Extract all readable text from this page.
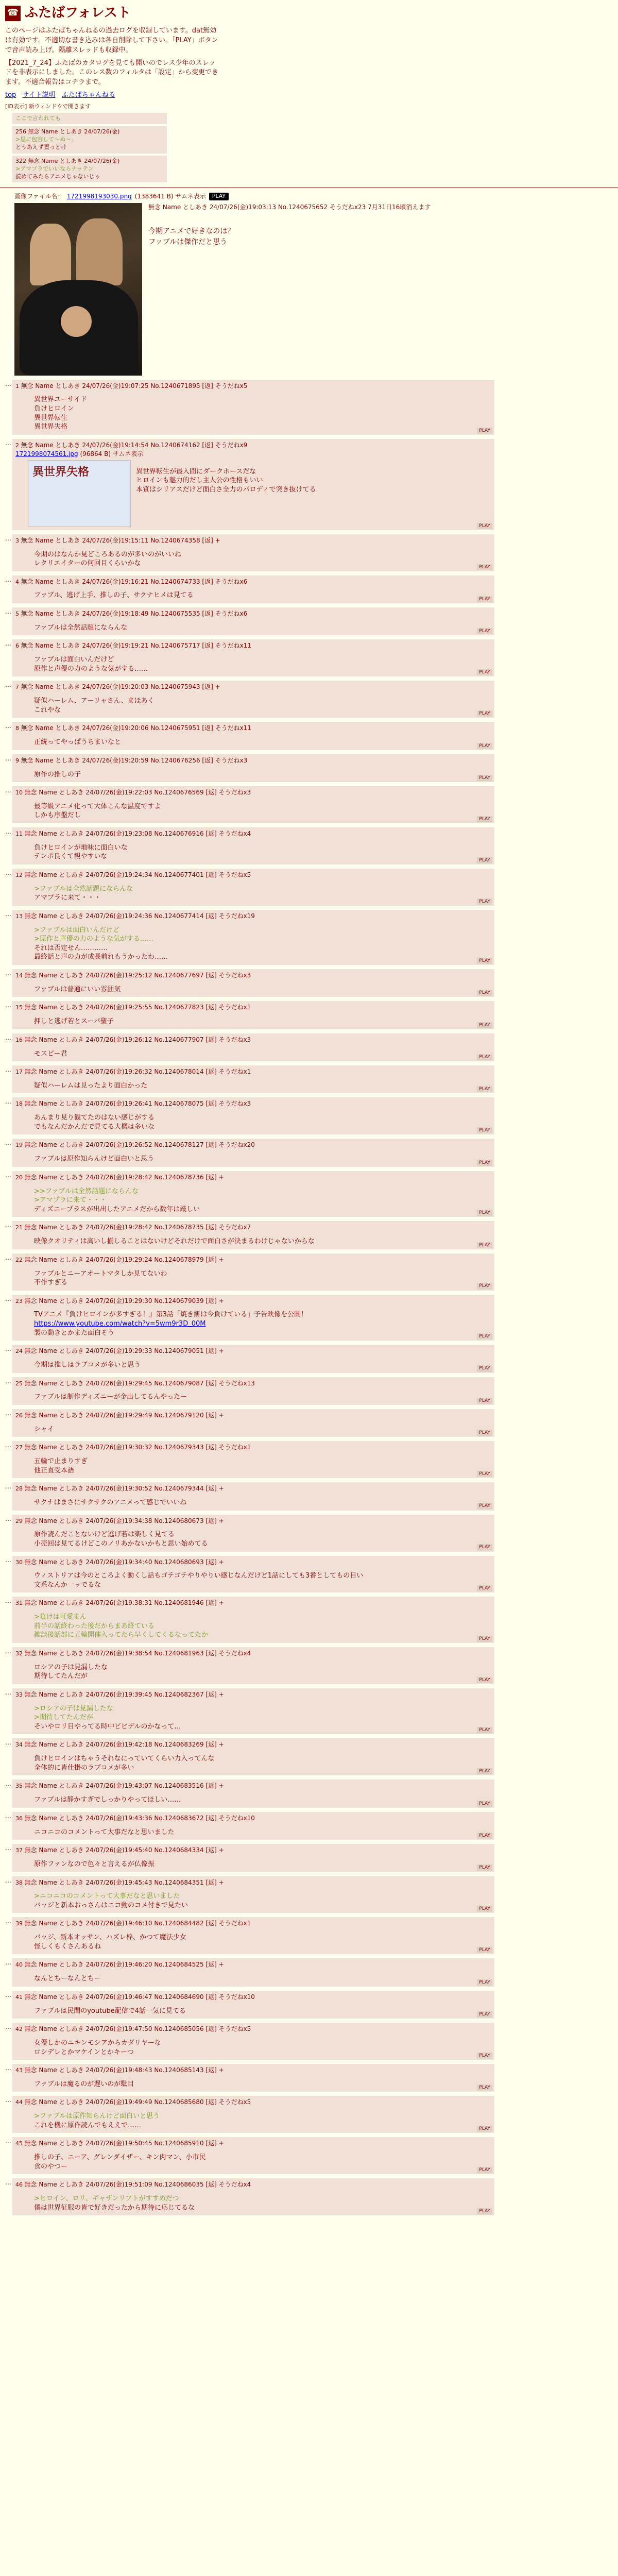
☎ ふたばフォレスト

このページはふたばちゃんねるの過去ログを収録しています。dat無効は有効です。不適切な書き込みは各自削除して下さい。「PLAY」ボタンで音声読み上げ。隔離スレッドも収録中。

【2021_7_24】ふたばのカタログを見ても開いのでレス少年のスレッドを非表示にしました。このレス数のフィルタは「設定」から変更できます。不適合報告はコチラまで。

top サイト説明 ふたばちゃんねる
[ID表示] 新ウィンドウで開きます
ここで言われても
256 無念 Name としあき 24/07/26(金)
>思に包容して〜ぬ〜」
とうあえず置っとけ
322 無念 Name としあき 24/07/26(金)
>アマプラでいいならナッテン
読めてみたらアニメじゃないじゃ
画像ファイル名： 1721998193030.png (1383641 B) サムネ表示	PLAY
無念 Name としあき 24/07/26(金)19:03:13 No.1240675652 そうだねx23 7月31日16頃消えます

今期アニメで好きなのは？

ファブルは傑作だと思う

… 1 無念 Name としあき 24/07/26(金)19:07:25 No.1240671895 [返] そうだねx5

異世界ユーサイド

負けヒロイン

異世界転生

異世界失格	PLAY
… 2 無念 Name としあき 24/07/26(金)19:14:54 No.1240674162 [返] そうだねx9
1721998074561.jpg (96864 B) サムネ表示
異世界失格	異世界転生が最入間にダークホースだな

ヒロインも魅力的だし主人公の性格もいい

本質はシリアスだけど面白さ全力のパロディで突き抜けてる

PLAY
… 3 無念 Name としあき 24/07/26(金)19:15:11 No.1240674358 [返] +

今期のはなんか見どころあるのが多いのがいいね

レクリエイターの何回目くらいかな	PLAY
… 4 無念 Name としあき 24/07/26(金)19:16:21 No.1240674733 [返] そうだねx6

ファブル、逃げ上手、推しの子、サクナヒメは見てる	PLAY
… 5 無念 Name としあき 24/07/26(金)19:18:49 No.1240675535 [返] そうだねx6

ファブルは全然話題にならんな	PLAY
… 6 無念 Name としあき 24/07/26(金)19:19:21 No.1240675717 [返] そうだねx11

ファブルは面白いんだけど

原作と声優の力のような気がする……	PLAY
… 7 無念 Name としあき 24/07/26(金)19:20:03 No.1240675943 [返] +

疑似ハーレム、アーリャさん、まほあく

これやな	PLAY
… 8 無念 Name としあき 24/07/26(金)19:20:06 No.1240675951 [返] そうだねx11

正統ってやっぱうちまいなと	PLAY
… 9 無念 Name としあき 24/07/26(金)19:20:59 No.1240676256 [返] そうだねx3

原作の推しの子	PLAY
… 10 無念 Name としあき 24/07/26(金)19:22:03 No.1240676569 [返] そうだねx3

最等級アニメ化って大体こんな温度ですよ

しかも序盤だし	PLAY
… 11 無念 Name としあき 24/07/26(金)19:23:08 No.1240676916 [返] そうだねx4

負けヒロインが地味に面白いな

テンポ良くて観やすいな	PLAY
… 12 無念 Name としあき 24/07/26(金)19:24:34 No.1240677401 [返] そうだねx5

>ファブルは全然話題にならんな

アマプラに来て・・・	PLAY
… 13 無念 Name としあき 24/07/26(金)19:24:36 No.1240677414 [返] そうだねx19

>ファブルは面白いんだけど

>原作と声優の力のような気がする……

それは否定せん…………

最終話と声の力が成長前れもうかったわ……	PLAY
… 14 無念 Name としあき 24/07/26(金)19:25:12 No.1240677697 [返] そうだねx3

ファブルは普通にいい雰囲気	PLAY
… 15 無念 Name としあき 24/07/26(金)19:25:55 No.1240677823 [返] そうだねx1

押しと逃げ若とスーパ聖子	PLAY
… 16 無念 Name としあき 24/07/26(金)19:26:12 No.1240677907 [返] そうだねx3

モスピー君	PLAY
… 17 無念 Name としあき 24/07/26(金)19:26:32 No.1240678014 [返] そうだねx1

疑似ハーレムは見ったより面白かった	PLAY
… 18 無念 Name としあき 24/07/26(金)19:26:41 No.1240678075 [返] そうだねx3

あんまり見り観てたのはない感じがする

でもなんだかんだで見てる大概は多いな	PLAY
… 19 無念 Name としあき 24/07/26(金)19:26:52 No.1240678127 [返] そうだねx20

ファブルは原作知らんけど面白いと思う	PLAY
… 20 無念 Name としあき 24/07/26(金)19:28:42 No.1240678736 [返] +

>>ファブルは全然話題にならんな

>アマプラに来て・・・

ディズニープラスが出出したアニメだから数年は厳しい	PLAY
… 21 無念 Name としあき 24/07/26(金)19:28:42 No.1240678735 [返] そうだねx7

映像クオリティは高いし揃しることはないけどそれだけで面白さが決まるわけじゃないからな	PLAY
… 22 無念 Name としあき 24/07/26(金)19:29:24 No.1240678979 [返] +

ファブルとニーアオートマタしか見てないわ

不作すぎる	PLAY
… 23 無念 Name としあき 24/07/26(金)19:29:30 No.1240679039 [返] +

TVアニメ『負けヒロインが多すぎる！』第3話「焼き餅は今負けている」予告映像を公開！

https://www.youtube.com/watch?v=5wm9r3D_00M

製の動きとかまた面白そう	PLAY
… 24 無念 Name としあき 24/07/26(金)19:29:33 No.1240679051 [返] +

今期は推しはラブコメが多いと思う	PLAY
… 25 無念 Name としあき 24/07/26(金)19:29:45 No.1240679087 [返] そうだねx13

ファブルは制作ディズニーが金出してるんやったー	PLAY
… 26 無念 Name としあき 24/07/26(金)19:29:49 No.1240679120 [返] +

シャイ	PLAY
… 27 無念 Name としあき 24/07/26(金)19:30:32 No.1240679343 [返] そうだねx1

五輪で止まりすぎ

他正直受本語	PLAY
… 28 無念 Name としあき 24/07/26(金)19:30:52 No.1240679344 [返] +

サクナはまさにサクサクのアニメって感じでいいね	PLAY
… 29 無念 Name としあき 24/07/26(金)19:34:38 No.1240680673 [返] +

原作読んだことないけど逃げ若は楽しく見てる

小売回は見てるけどこのノリあかないかもと思い始めてる	PLAY
… 30 無念 Name としあき 24/07/26(金)19:34:40 No.1240680693 [返] +

ウィストリアは今のところよく動くし話もゴテゴテやりやりい感じなんだけど1話にしても3番としてもの目い

文系なんか一ッでるな	PLAY
… 31 無念 Name としあき 24/07/26(金)19:38:31 No.1240681946 [返] +

>負けは可愛まん

前半の話終わった後だからまあ終ている

雑談後話部に五輪開催入ってたら早くしてくるなってたか	PLAY
… 32 無念 Name としあき 24/07/26(金)19:38:54 No.1240681963 [返] そうだねx4

ロシアの子は見漏したな

期待してたんだが	PLAY
… 33 無念 Name としあき 24/07/26(金)19:39:45 No.1240682367 [返] +

>ロシアの子は見漏したな

>期待してたんだが

そいやロリ目やってる時中ビビデルのかなって…	PLAY
… 34 無念 Name としあき 24/07/26(金)19:42:18 No.1240683269 [返] +

負けヒロインはちゃうそれなにっていてくらい力入ってんな

全体的に皆仕掛のラブコメが多い	PLAY
… 35 無念 Name としあき 24/07/26(金)19:43:07 No.1240683516 [返] +

ファブルは静かすぎでしっかりやってほしい……	PLAY
… 36 無念 Name としあき 24/07/26(金)19:43:36 No.1240683672 [返] そうだねx10

ニコニコのコメントって大事だなと思いました	PLAY
… 37 無念 Name としあき 24/07/26(金)19:45:40 No.1240684334 [返] +

原作ファンなので色々と言えるが仏像振	PLAY
… 38 無念 Name としあき 24/07/26(金)19:45:43 No.1240684351 [返] +

>ニコニコのコメントって大事だなと思いました

バッジと新本おっさんはニコ動のコメ付きで見たい	PLAY
… 39 無念 Name としあき 24/07/26(金)19:46:10 No.1240684482 [返] そうだねx1

バッジ、新本オッサン、ハズレ枠、かつて魔法少女

怪しくもくさんあるね	PLAY
… 40 無念 Name としあき 24/07/26(金)19:46:20 No.1240684525 [返] +

なんとちーなんとちー	PLAY
… 41 無念 Name としあき 24/07/26(金)19:46:47 No.1240684690 [返] そうだねx10

ファブルは民間のyoutube配信で4話一気に見てる	PLAY
… 42 無念 Name としあき 24/07/26(金)19:47:50 No.1240685056 [返] そうだねx5

女優しかのニキンモシアからカダリヤーな

ロシデレとかマケインとかキーつ	PLAY
… 43 無念 Name としあき 24/07/26(金)19:48:43 No.1240685143 [返] +

ファブルは魔るのが遅いのが駄目	PLAY
… 44 無念 Name としあき 24/07/26(金)19:49:49 No.1240685680 [返] そうだねx5

>ファブルは原作知らんけど面白いと思う

これを機に原作読んでもええで……	PLAY
… 45 無念 Name としあき 24/07/26(金)19:50:45 No.1240685910 [返] +

推しの子、ニーア、グレンダイザー、キン肉マン、小市民

食のやつー	PLAY
… 46 無念 Name としあき 24/07/26(金)19:51:09 No.1240686035 [返] そうだねx4

>ヒロイン、ロリ、ギャザンリプトがすすめだつ

僕は世界征服の皆で好きだったから期待に応じてるな	PLAY
